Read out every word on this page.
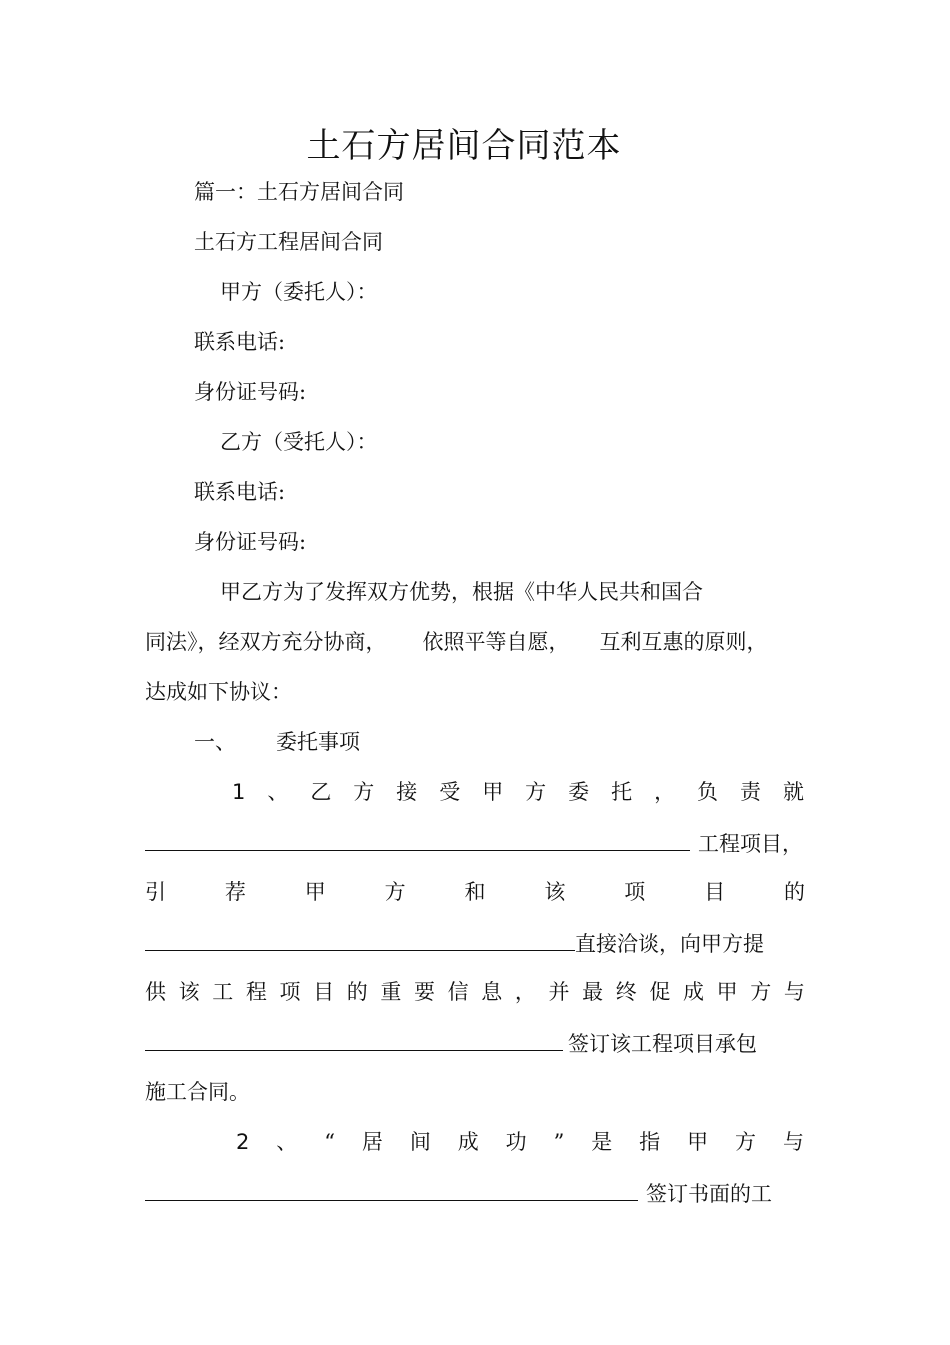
土石方居间合同范本
篇一：土石方居间合同
土石方工程居间合同
甲方（委托人）：
联系电话:
身份证号码:
乙方（受托人）：
联系电话:
身份证号码:
甲乙方为了发挥双方优势，根据《中华人民共和国合
同法》，经双方充分协商， 依照平等自愿， 互利互惠的原则，
达成如下协议：
一、 委托事项
1 、 乙 方 接 受 甲 方 委 托 ， 负 责 就
工程项目，
引	荐	甲	方	和	该	项	目	的
直接洽谈，向甲方提
供 该 工 程 项 目 的 重 要 信 息 ， 并 最 终 促 成 甲 方 与
签订该工程项目承包
施工合同。
2 、 “ 居 间 成 功 ” 是 指 甲 方 与
签订书面的工
